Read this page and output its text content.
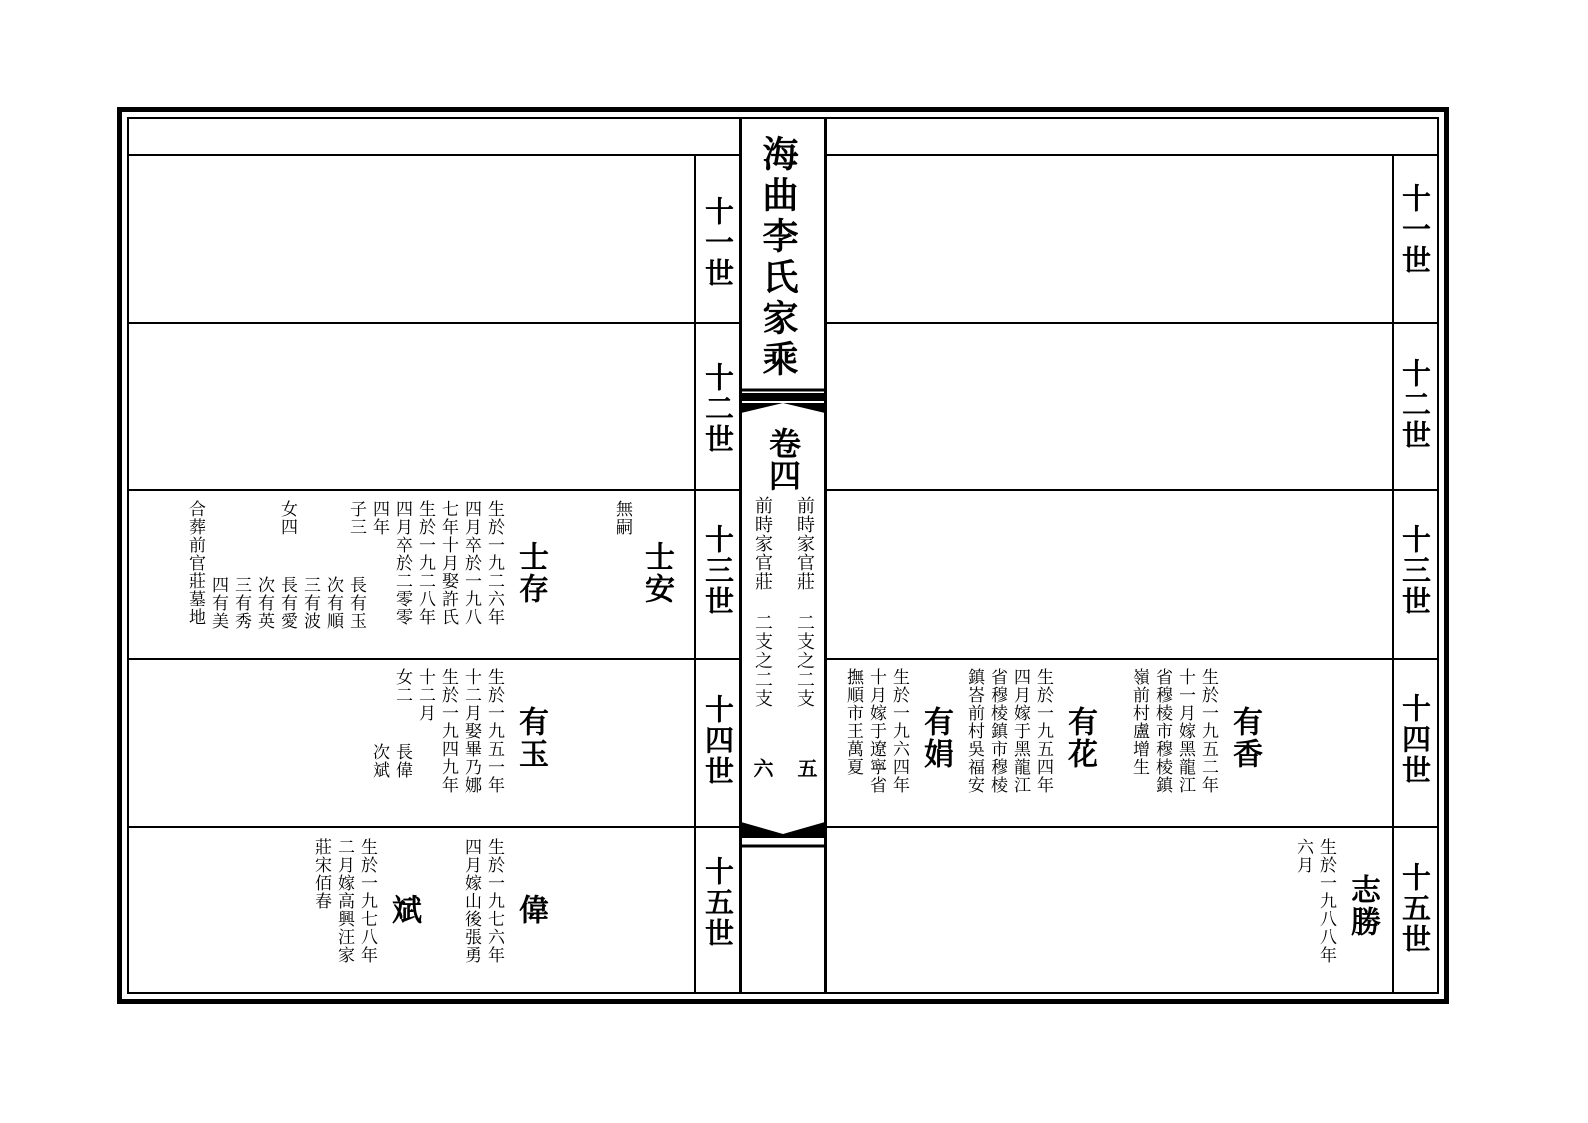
海曲李氏家乘
卷四
前時家官莊 二支之二支
前時家官莊 二支之二支
五
六
十一世
十二世
十三世
十四世
十五世
十一世
十二世
十三世
十四世
十五世
士安
無嗣
士存
生於一九二六年
四月卒於一九八
七年十月娶許氏
生於一九二八年
四月卒於二零零
四年
子三
長有玉
次有順
三有波
女四
長有愛
次有英
三有秀
四有美
合葬前官莊墓地
有玉
生於一九五一年
十二月娶畢乃娜
生於一九四九年
十二月
女二
長偉
次斌
偉
生於一九七六年
四月嫁山後張勇
斌
生於一九七八年
二月嫁高興汪家
莊宋佰春
有香
生於一九五二年
十一月嫁黑龍江
省穆棱市穆棱鎮
嶺前村盧增生
有花
生於一九五四年
四月嫁于黑龍江
省穆棱鎮市穆棱
鎮峇前村吳福安
有娟
生於一九六四年
十月嫁于遼寧省
撫順市王萬夏
志勝
生於一九八八年
六月
